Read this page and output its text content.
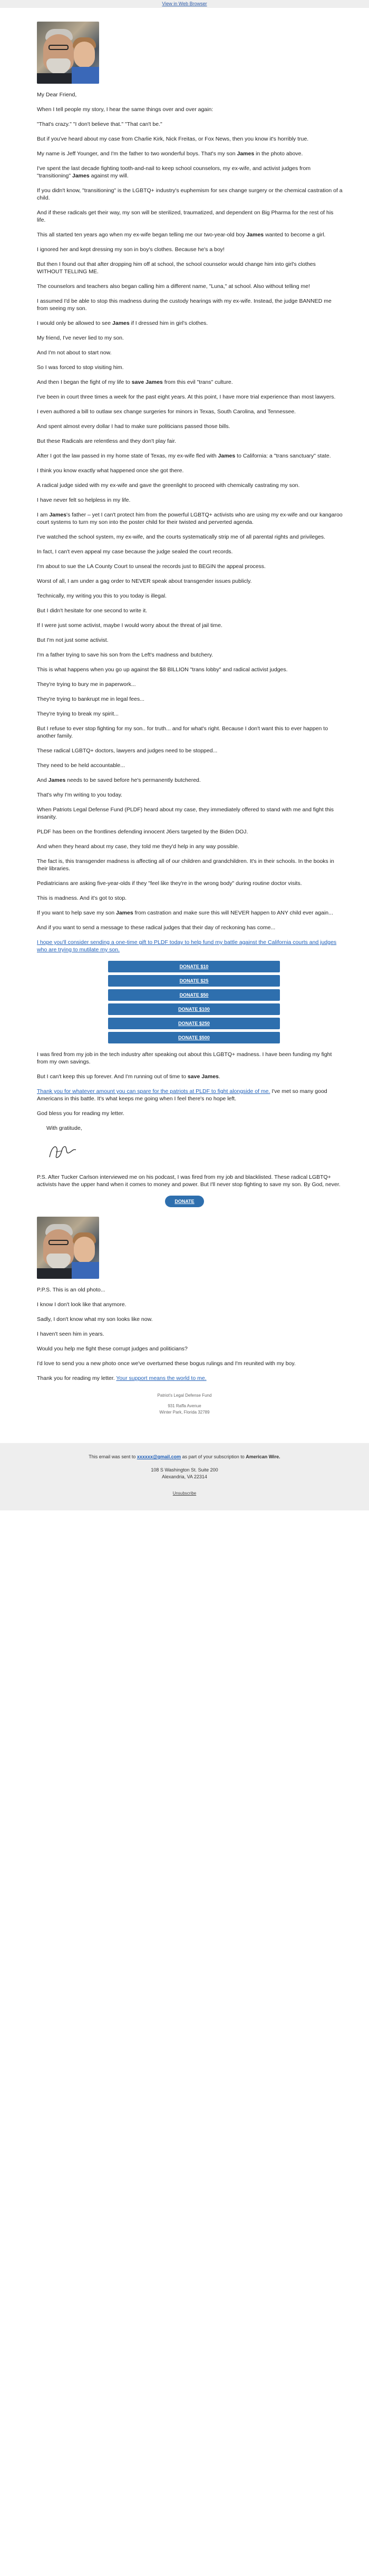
View in Web Browser

My Dear Friend,

When I tell people my story, I hear the same things over and over again:

"That's crazy." "I don't believe that." "That can't be."

But if you've heard about my case from Charlie Kirk, Nick Freitas, or Fox News, then you know it's horribly true.

My name is Jeff Younger, and I'm the father to two wonderful boys. That's my son James in the photo above.

I've spent the last decade fighting tooth-and-nail to keep school counselors, my ex-wife, and activist judges from "transitioning" James against my will.

If you didn't know, "transitioning" is the LGBTQ+ industry's euphemism for sex change surgery or the chemical castration of a child.

And if these radicals get their way, my son will be sterilized, traumatized, and dependent on Big Pharma for the rest of his life.

This all started ten years ago when my ex-wife began telling me our two-year-old boy James wanted to become a girl.

I ignored her and kept dressing my son in boy's clothes. Because he's a boy!

But then I found out that after dropping him off at school, the school counselor would change him into girl's clothes WITHOUT TELLING ME.

The counselors and teachers also began calling him a different name, "Luna," at school. Also without telling me!

I assumed I'd be able to stop this madness during the custody hearings with my ex-wife. Instead, the judge BANNED me from seeing my son.

I would only be allowed to see James if I dressed him in girl's clothes.

My friend, I've never lied to my son.

And I'm not about to start now.

So I was forced to stop visiting him.

And then I began the fight of my life to save James from this evil "trans" culture.

I've been in court three times a week for the past eight years. At this point, I have more trial experience than most lawyers.

I even authored a bill to outlaw sex change surgeries for minors in Texas, South Carolina, and Tennessee.

And spent almost every dollar I had to make sure politicians passed those bills.

But these Radicals are relentless and they don't play fair.

After I got the law passed in my home state of Texas, my ex-wife fled with James to California: a "trans sanctuary" state.

I think you know exactly what happened once she got there.

A radical judge sided with my ex-wife and gave the greenlight to proceed with chemically castrating my son.

I have never felt so helpless in my life.

I am James's father – yet I can't protect him from the powerful LGBTQ+ activists who are using my ex-wife and our kangaroo court systems to turn my son into the poster child for their twisted and perverted agenda.

I've watched the school system, my ex-wife, and the courts systematically strip me of all parental rights and privileges.

In fact, I can't even appeal my case because the judge sealed the court records.

I'm about to sue the LA County Court to unseal the records just to BEGIN the appeal process.

Worst of all, I am under a gag order to NEVER speak about transgender issues publicly.

Technically, my writing you this to you today is illegal.

But I didn't hesitate for one second to write it.

If I were just some activist, maybe I would worry about the threat of jail time.

But I'm not just some activist.

I'm a father trying to save his son from the Left's madness and butchery.

This is what happens when you go up against the $8 BILLION "trans lobby" and radical activist judges.

They're trying to bury me in paperwork...

They're trying to bankrupt me in legal fees...

They're trying to break my spirit...

But I refuse to ever stop fighting for my son.. for truth... and for what's right. Because I don't want this to ever happen to another family.

These radical LGBTQ+ doctors, lawyers and judges need to be stopped...

They need to be held accountable...

And James needs to be saved before he's permanently butchered.

That's why I'm writing to you today.

When Patriots Legal Defense Fund (PLDF) heard about my case, they immediately offered to stand with me and fight this insanity.

PLDF has been on the frontlines defending innocent J6ers targeted by the Biden DOJ.

And when they heard about my case, they told me they'd help in any way possible.

The fact is, this transgender madness is affecting all of our children and grandchildren. It's in their schools. In the books in their libraries.

Pediatricians are asking five-year-olds if they "feel like they're in the wrong body" during routine doctor visits.

This is madness. And it's got to stop.

If you want to help save my son James from castration and make sure this will NEVER happen to ANY child ever again...

And if you want to send a message to these radical judges that their day of reckoning has come...

I hope you'll consider sending a one-time gift to PLDF today to help fund my battle against the California courts and judges who are trying to mutilate my son.

DONATE $10
DONATE $25
DONATE $50
DONATE $100
DONATE $250
DONATE $500

I was fired from my job in the tech industry after speaking out about this LGBTQ+ madness. I have been funding my fight from my own savings.

But I can't keep this up forever. And I'm running out of time to save James.

Thank you for whatever amount you can spare for the patriots at PLDF to fight alongside of me. I've met so many good Americans in this battle. It's what keeps me going when I feel there's no hope left.

God bless you for reading my letter.

With gratitude,

P.S. After Tucker Carlson interviewed me on his podcast, I was fired from my job and blacklisted. These radical LGBTQ+ activists have the upper hand when it comes to money and power. But I'll never stop fighting to save my son. By God, never.

DONATE

P.P.S. This is an old photo...

I know I don't look like that anymore.

Sadly, I don't know what my son looks like now.

I haven't seen him in years.

Would you help me fight these corrupt judges and politicians?

I'd love to send you a new photo once we've overturned these bogus rulings and I'm reunited with my boy.

Thank you for reading my letter. Your support means the world to me.

Patriot's Legal Defense Fund
931 Raffa Avenue
Winter Park, Florida 32789
This email was sent to xxxxxx@gmail.com as part of your subscription to American Wire.
108 S Washington St. Suite 200
Alexandria, VA 22314
Unsubscribe
